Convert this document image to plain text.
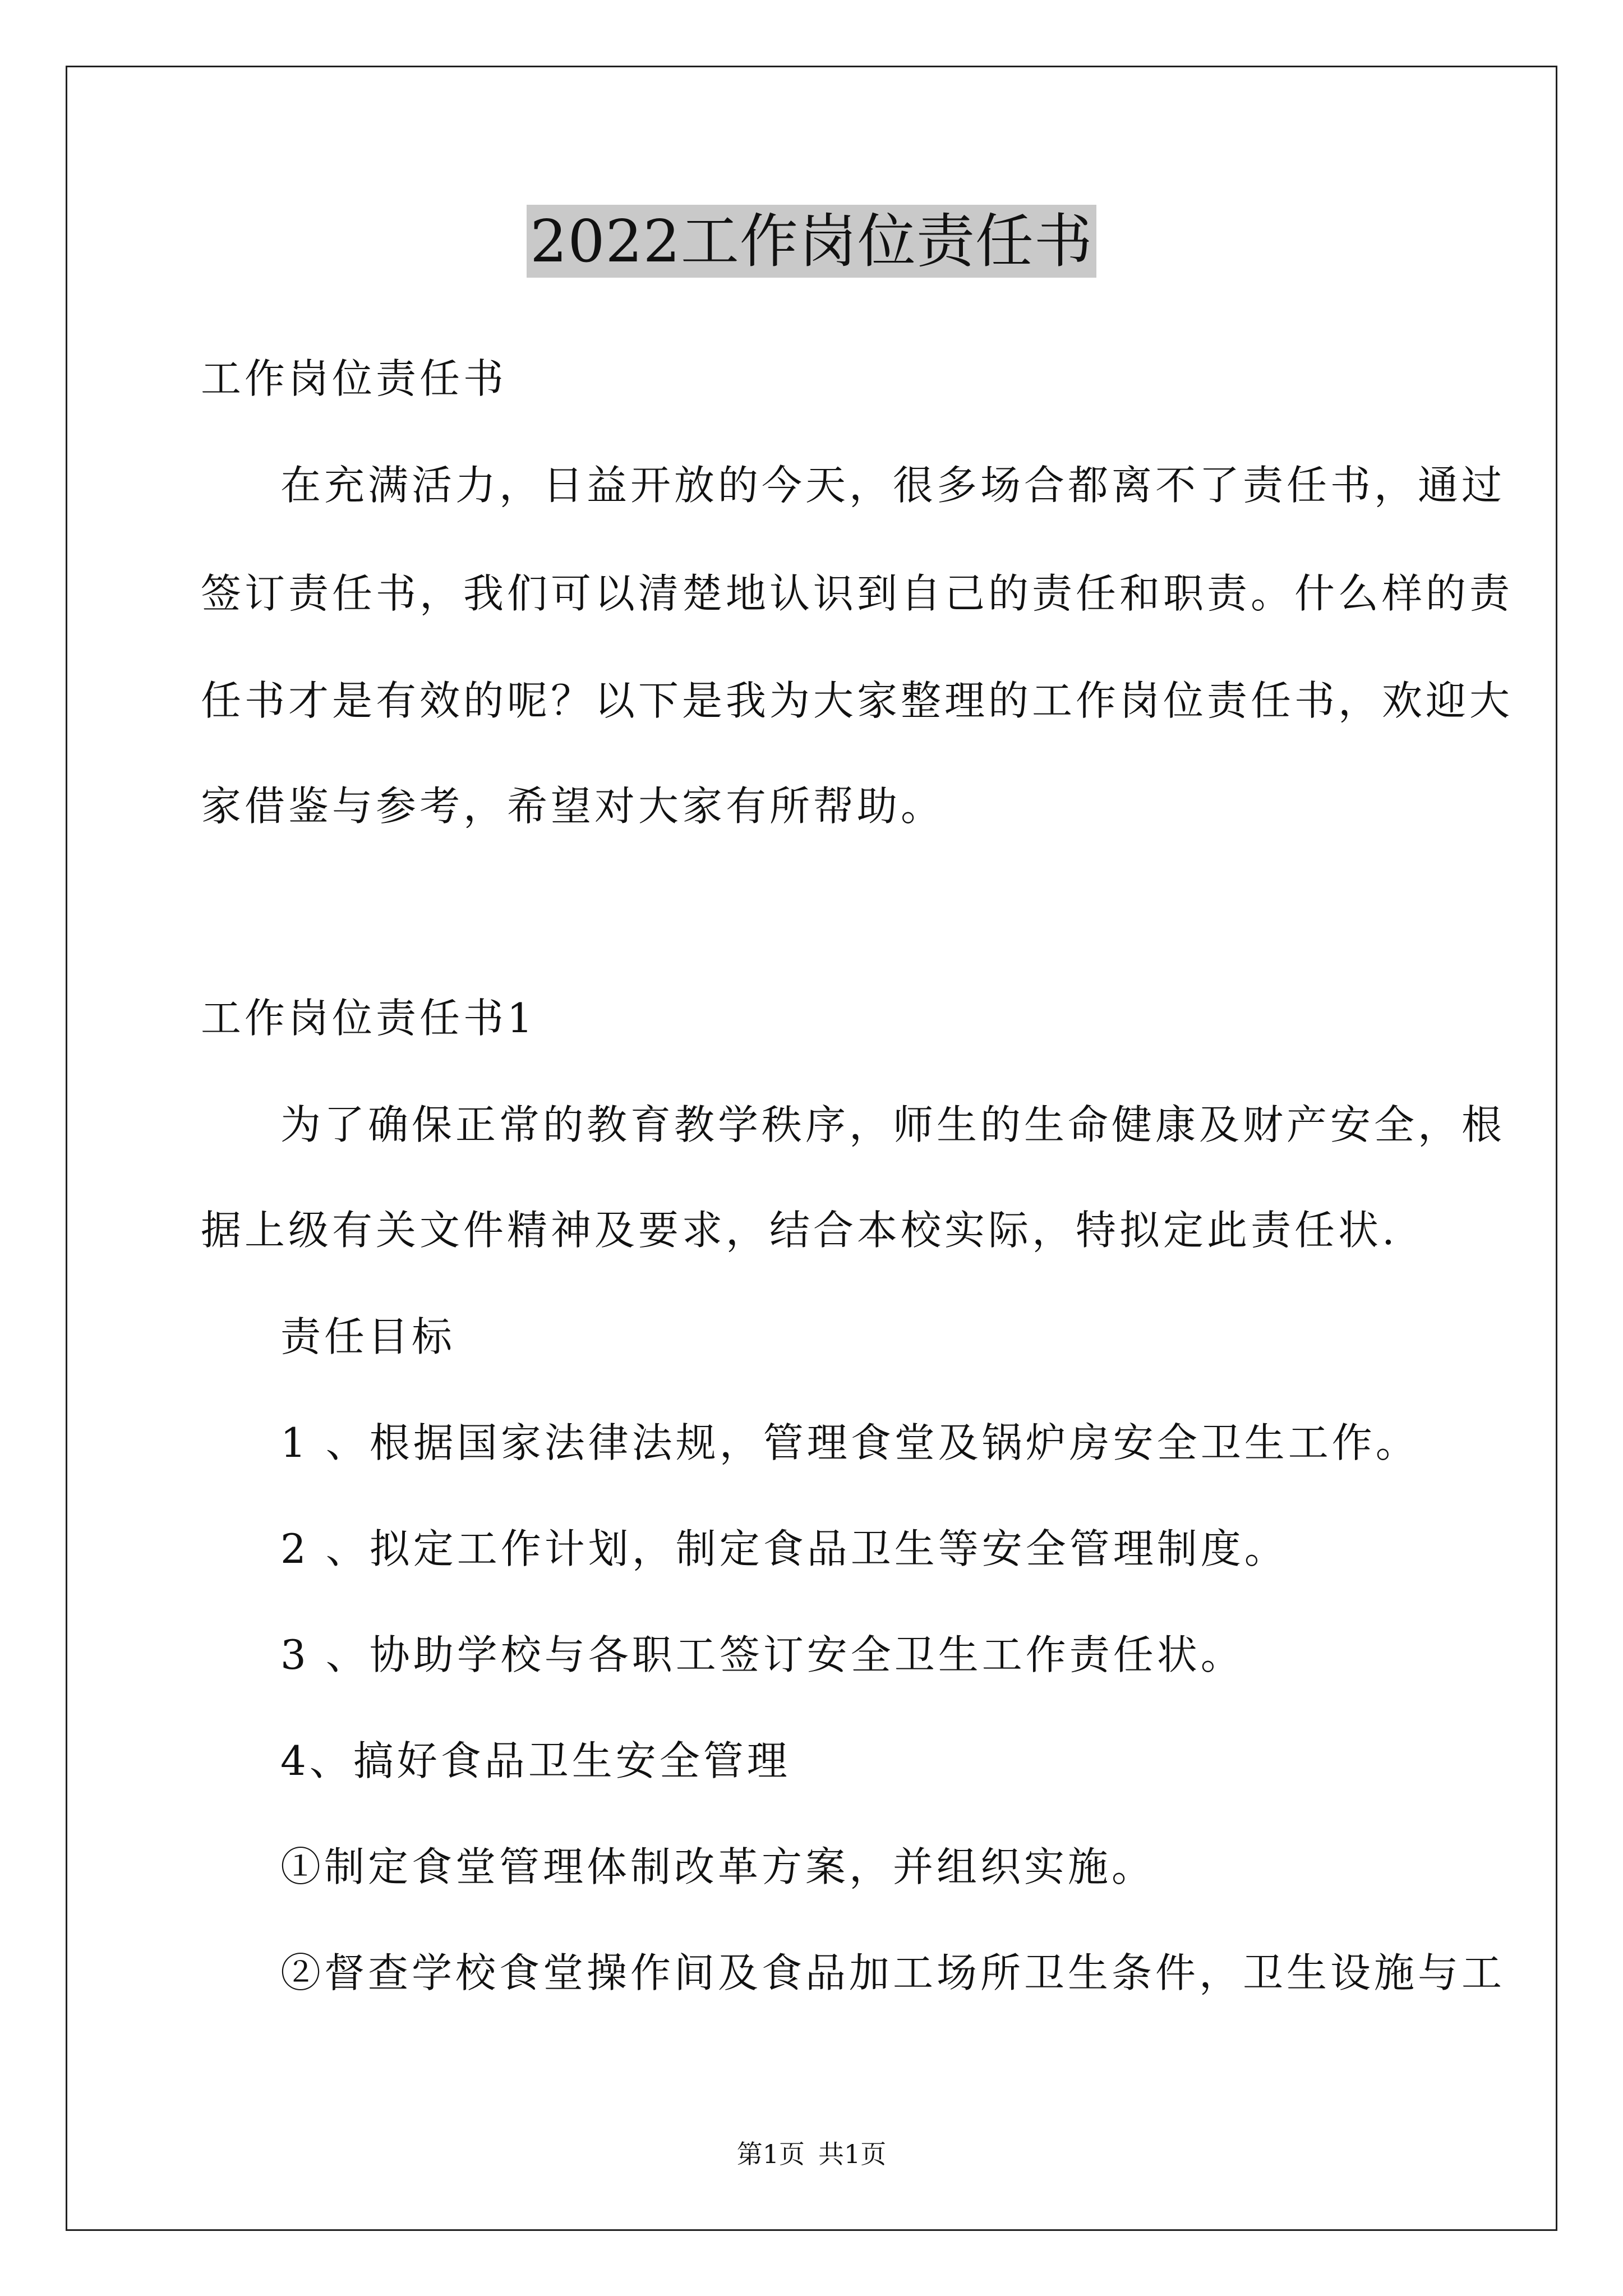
2022工作岗位责任书
工作岗位责任书
在充满活力，日益开放的今天，很多场合都离不了责任书，通过
签订责任书，我们可以清楚地认识到自己的责任和职责。什么样的责
任书才是有效的呢？以下是我为大家整理的工作岗位责任书，欢迎大
家借鉴与参考，希望对大家有所帮助。
工作岗位责任书1
为了确保正常的教育教学秩序，师生的生命健康及财产安全，根
据上级有关文件精神及要求，结合本校实际，特拟定此责任状.
责任目标
1 、根据国家法律法规，管理食堂及锅炉房安全卫生工作。
2 、拟定工作计划，制定食品卫生等安全管理制度。
3 、协助学校与各职工签订安全卫生工作责任状。
4、搞好食品卫生安全管理
①制定食堂管理体制改革方案，并组织实施。
②督查学校食堂操作间及食品加工场所卫生条件，卫生设施与工
第1页 共1页
